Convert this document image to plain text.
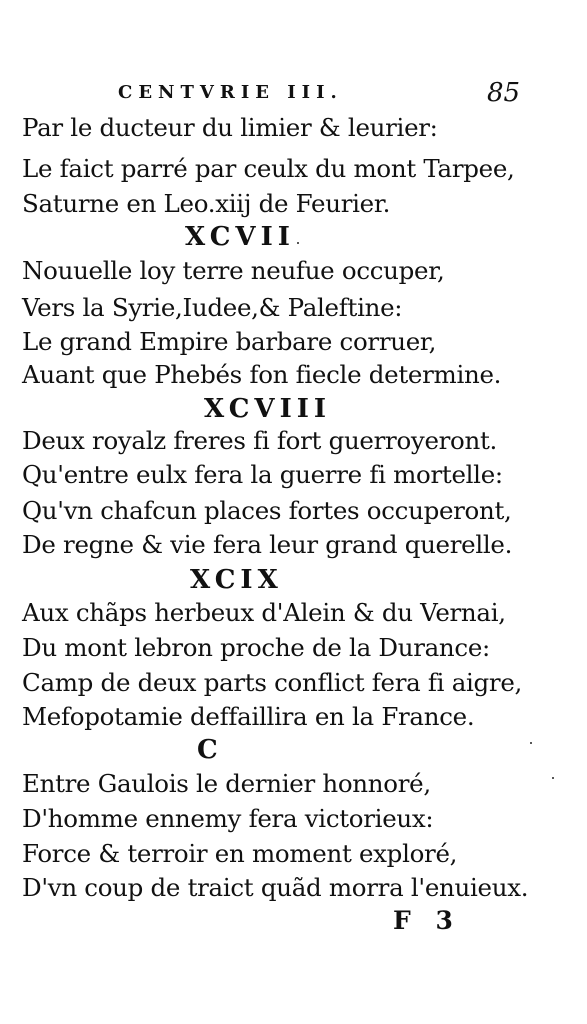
CENTVRIE III.	85
Par le ducteur du limier & leurier:
Le faict parré par ceulx du mont Tarpee,
Saturne en Leo.xiij de Feurier.
XCVII
Nouuelle loy terre neufue occuper,
Vers la Syrie,Iudee,& Paleftine:
Le grand Empire barbare corruer,
Auant que Phebés fon fiecle determine.
XCVIII
Deux royalz freres fi fort guerroyeront.
Qu'entre eulx fera la guerre fi mortelle:
Qu'vn chafcun places fortes occuperont,
De regne & vie fera leur grand querelle.
XCIX
Aux chãps herbeux d'Alein & du Vernai,
Du mont lebron proche de la Durance:
Camp de deux parts conflict fera fi aigre,
Mefopotamie deffaillira en la France.
C
Entre Gaulois le dernier honnoré,
D'homme ennemy fera victorieux:
Force & terroir en moment exploré,
D'vn coup de traict quãd morra l'enuieux.
F 3
